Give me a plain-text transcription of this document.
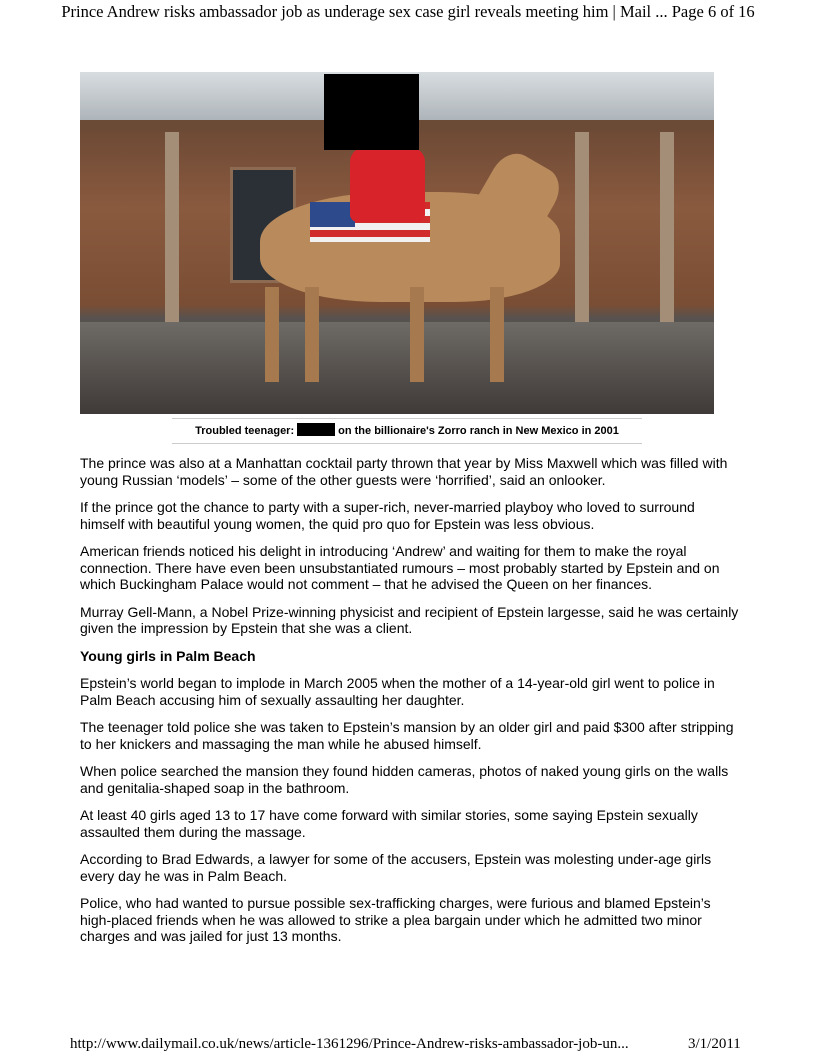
Prince Andrew risks ambassador job as underage sex case girl reveals meeting him | Mail ... Page 6 of 16
Troubled teenager:	on the billionaire's Zorro ranch in New Mexico in 2001

The prince was also at a Manhattan cocktail party thrown that year by Miss Maxwell which was filled with young Russian ‘models’ – some of the other guests were ‘horrified’, said an onlooker.

If the prince got the chance to party with a super-rich, never-married playboy who loved to surround himself with beautiful young women, the quid pro quo for Epstein was less obvious.

American friends noticed his delight in introducing ‘Andrew’ and waiting for them to make the royal connection. There have even been unsubstantiated rumours – most probably started by Epstein and on which Buckingham Palace would not comment – that he advised the Queen on her finances.

Murray Gell-Mann, a Nobel Prize-winning physicist and recipient of Epstein largesse, said he was certainly given the impression by Epstein that she was a client.

Young girls in Palm Beach

Epstein’s world began to implode in March 2005 when the mother of a 14-year-old girl went to police in Palm Beach accusing him of sexually assaulting her daughter.

The teenager told police she was taken to Epstein’s mansion by an older girl and paid $300 after stripping to her knickers and massaging the man while he abused himself.

When police searched the mansion they found hidden cameras, photos of naked young girls on the walls and genitalia-shaped soap in the bathroom.

At least 40 girls aged 13 to 17 have come forward with similar stories, some saying Epstein sexually assaulted them during the massage.

According to Brad Edwards, a lawyer for some of the accusers, Epstein was molesting under-age girls every day he was in Palm Beach.

Police, who had wanted to pursue possible sex-trafficking charges, were furious and blamed Epstein’s high-placed friends when he was allowed to strike a plea bargain under which he admitted two minor charges and was jailed for just 13 months.

http://www.dailymail.co.uk/news/article-1361296/Prince-Andrew-risks-ambassador-job-un...	3/1/2011
